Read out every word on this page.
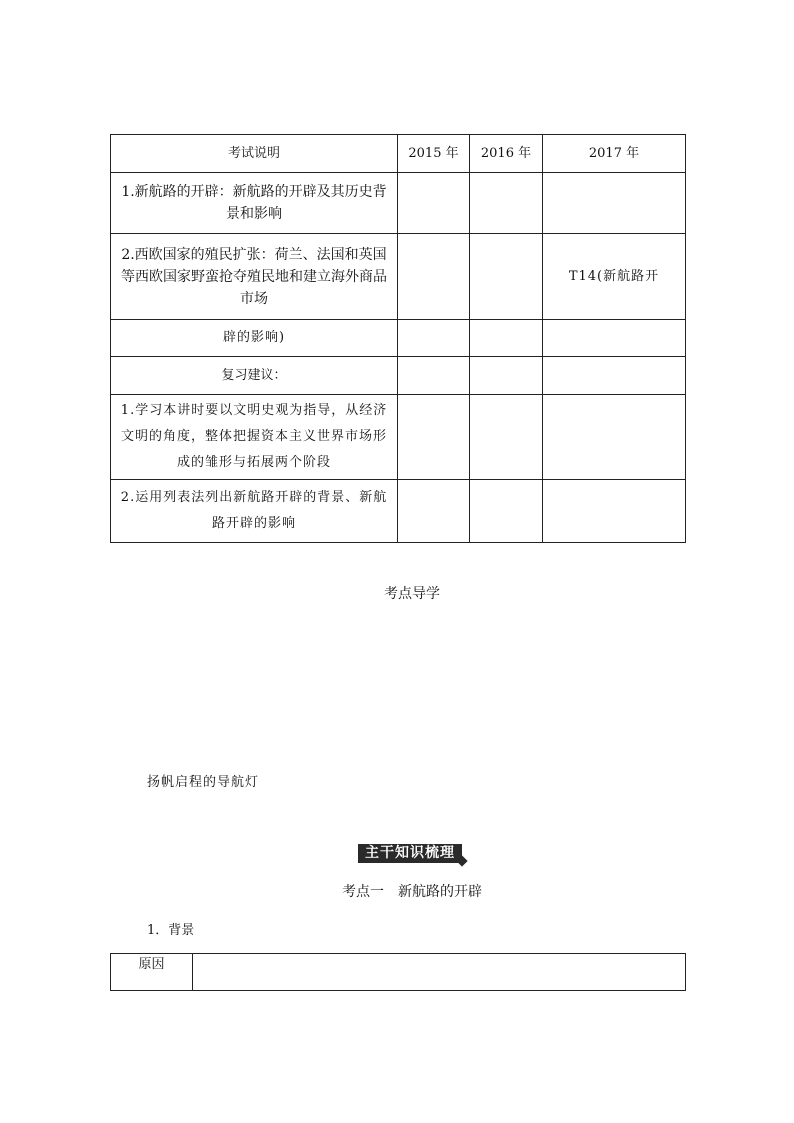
考试说明	2015 年	2016 年	2017 年
1.新航路的开辟：新航路的开辟及其历史背景和影响			
2.西欧国家的殖民扩张：荷兰、法国和英国等西欧国家野蛮抢夺殖民地和建立海外商品市场			T14(新航路开
辟的影响)			
复习建议：			
1.学习本讲时要以文明史观为指导，从经济文明的角度，整体把握资本主义世界市场形成的雏形与拓展两个阶段			
2.运用列表法列出新航路开辟的背景、新航路开辟的影响			
考点导学
扬帆启程的导航灯
主干知识梳理
考点一　新航路的开辟
1．背景
原因	
